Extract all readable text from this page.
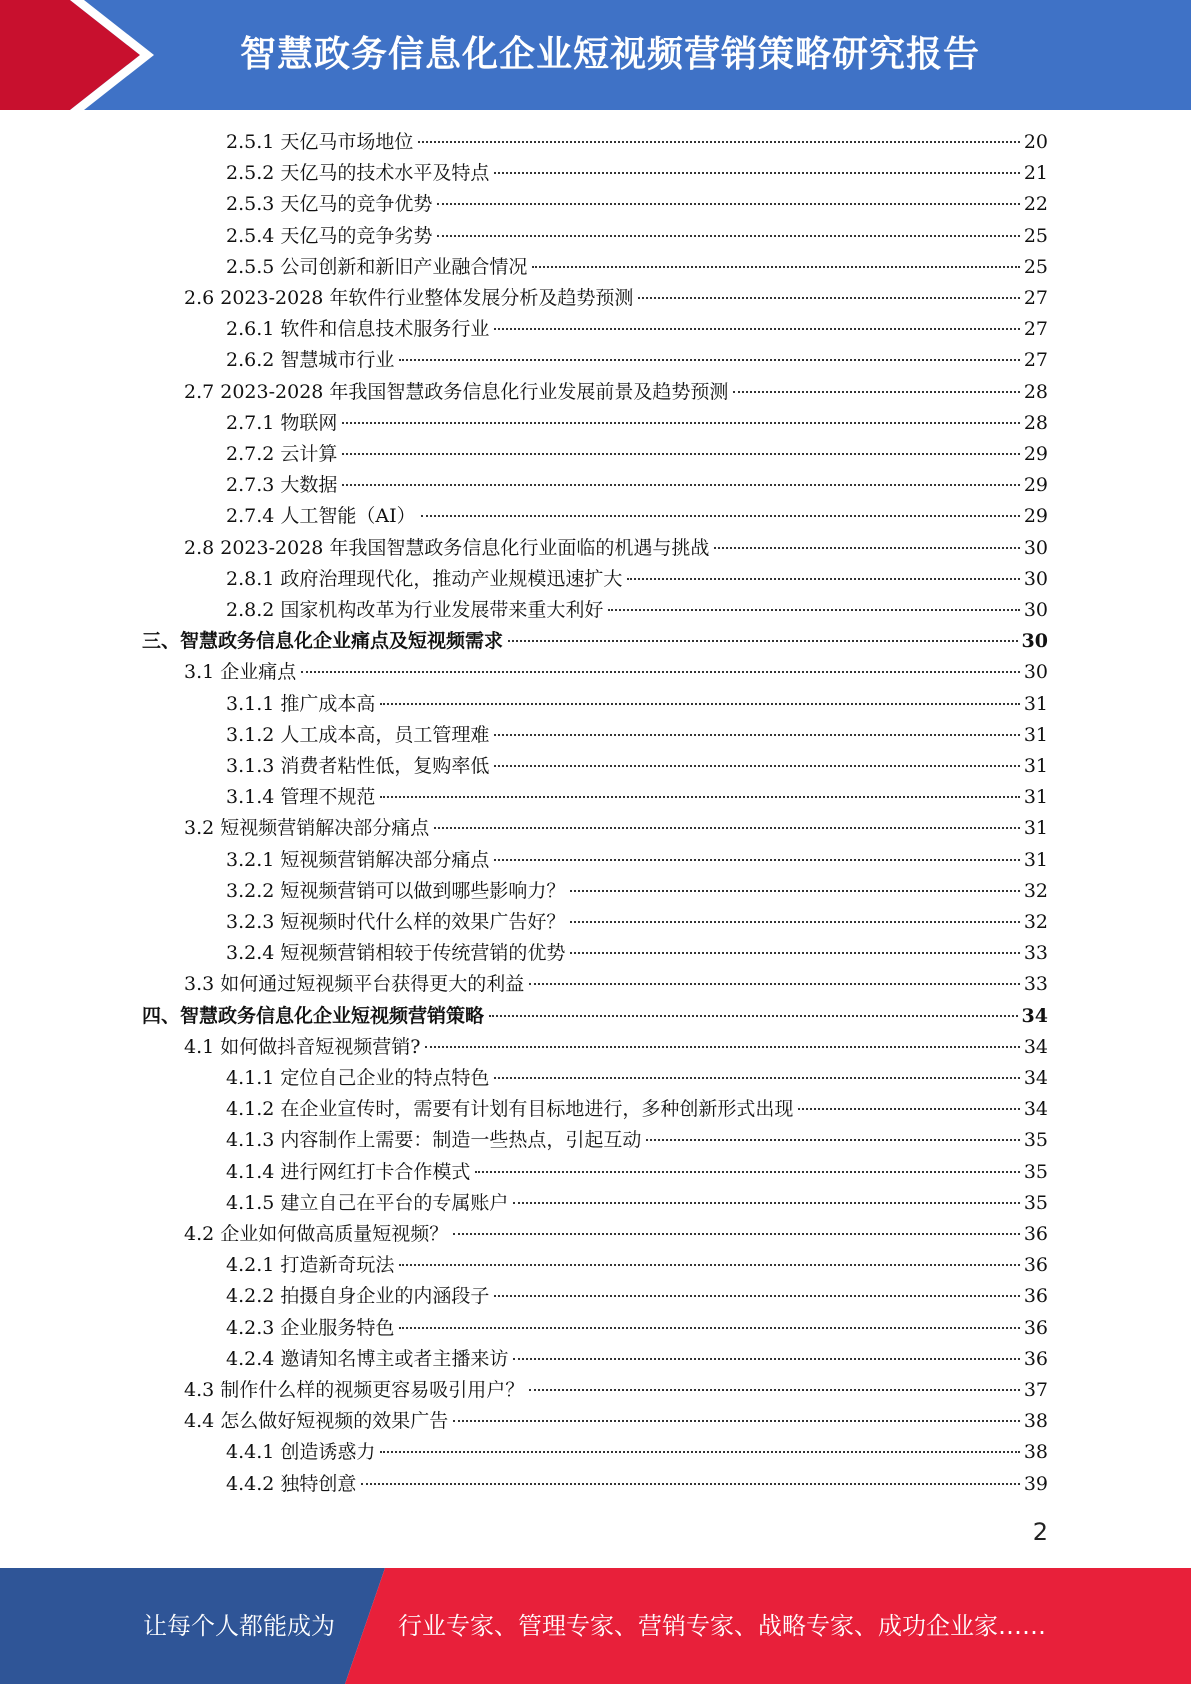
智慧政务信息化企业短视频营销策略研究报告
2.5.1 天亿马市场地位	20
2.5.2 天亿马的技术水平及特点	21
2.5.3 天亿马的竞争优势	22
2.5.4 天亿马的竞争劣势	25
2.5.5 公司创新和新旧产业融合情况	25
2.6 2023-2028 年软件行业整体发展分析及趋势预测	27
2.6.1 软件和信息技术服务行业	27
2.6.2 智慧城市行业	27
2.7 2023-2028 年我国智慧政务信息化行业发展前景及趋势预测	28
2.7.1 物联网	28
2.7.2 云计算	29
2.7.3 大数据	29
2.7.4 人工智能（AI）	29
2.8 2023-2028 年我国智慧政务信息化行业面临的机遇与挑战	30
2.8.1 政府治理现代化，推动产业规模迅速扩大	30
2.8.2 国家机构改革为行业发展带来重大利好	30
三、智慧政务信息化企业痛点及短视频需求	30
3.1 企业痛点	30
3.1.1 推广成本高	31
3.1.2 人工成本高，员工管理难	31
3.1.3 消费者粘性低，复购率低	31
3.1.4 管理不规范	31
3.2 短视频营销解决部分痛点	31
3.2.1 短视频营销解决部分痛点	31
3.2.2 短视频营销可以做到哪些影响力？	32
3.2.3 短视频时代什么样的效果广告好？	32
3.2.4 短视频营销相较于传统营销的优势	33
3.3 如何通过短视频平台获得更大的利益	33
四、智慧政务信息化企业短视频营销策略	34
4.1 如何做抖音短视频营销?	34
4.1.1 定位自己企业的特点特色	34
4.1.2 在企业宣传时，需要有计划有目标地进行，多种创新形式出现	34
4.1.3 内容制作上需要：制造一些热点，引起互动	35
4.1.4 进行网红打卡合作模式	35
4.1.5 建立自己在平台的专属账户	35
4.2 企业如何做高质量短视频？	36
4.2.1 打造新奇玩法	36
4.2.2 拍摄自身企业的内涵段子	36
4.2.3 企业服务特色	36
4.2.4 邀请知名博主或者主播来访	36
4.3 制作什么样的视频更容易吸引用户？	37
4.4 怎么做好短视频的效果广告	38
4.4.1 创造诱惑力	38
4.4.2 独特创意	39
2
让每个人都能成为	行业专家、管理专家、营销专家、战略专家、成功企业家……
